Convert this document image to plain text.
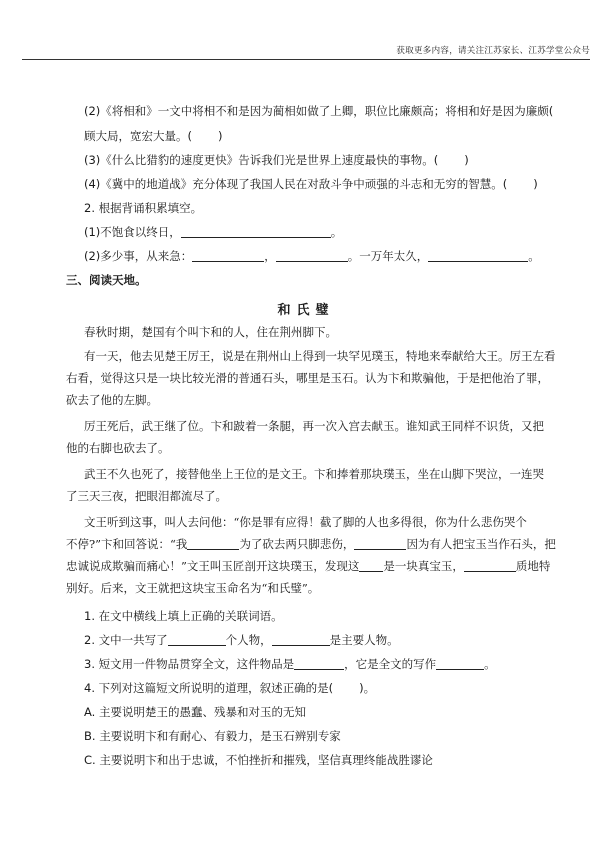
获取更多内容，请关注江苏家长、江苏学堂公众号
(2)《将相和》一文中将相不和是因为蔺相如做了上卿，职位比廉颇高；将相和好是因为廉颇(
顾大局，宽宏大量。( )
(3)《什么比猎豹的速度更快》告诉我们光是世界上速度最快的事物。( )
(4)《冀中的地道战》充分体现了我国人民在对敌斗争中顽强的斗志和无穷的智慧。( )
2. 根据背诵积累填空。
(1)不饱食以终日，	。
(2)多少事，从来急：	，	。一万年太久，	。
三、阅读天地。
和氏璧
春秋时期，楚国有个叫卞和的人，住在荆州脚下。
有一天，他去见楚王厉王，说是在荆州山上得到一块罕见璞玉，特地来奉献给大王。厉王左看
右看，觉得这只是一块比较光滑的普通石头，哪里是玉石。认为卞和欺骗他，于是把他治了罪，
砍去了他的左脚。
厉王死后，武王继了位。卞和跛着一条腿，再一次入宫去献玉。谁知武王同样不识货，又把
他的右脚也砍去了。
武王不久也死了，接替他坐上王位的是文王。卞和捧着那块璞玉，坐在山脚下哭泣，一连哭
了三天三夜，把眼泪都流尽了。
文王听到这事，叫人去问他：“你是罪有应得！截了脚的人也多得很，你为什么悲伤哭个
不停?”卞和回答说：“我	为了砍去两只脚悲伤，	因为有人把宝玉当作石头，把
忠诚说成欺骗而痛心！”文王叫玉匠剖开这块璞玉，发现这 是一块真宝玉，	质地特
别好。后来，文王就把这块宝玉命名为“和氏璧”。
1. 在文中横线上填上正确的关联词语。
2. 文中一共写了	个人物，	是主要人物。
3. 短文用一件物品贯穿全文，这件物品是	，它是全文的写作	。
4. 下列对这篇短文所说明的道理，叙述正确的是( )。
A. 主要说明楚王的愚蠢、残暴和对玉的无知
B. 主要说明卞和有耐心、有毅力，是玉石辨别专家
C. 主要说明卞和出于忠诚，不怕挫折和摧残，坚信真理终能战胜谬论
